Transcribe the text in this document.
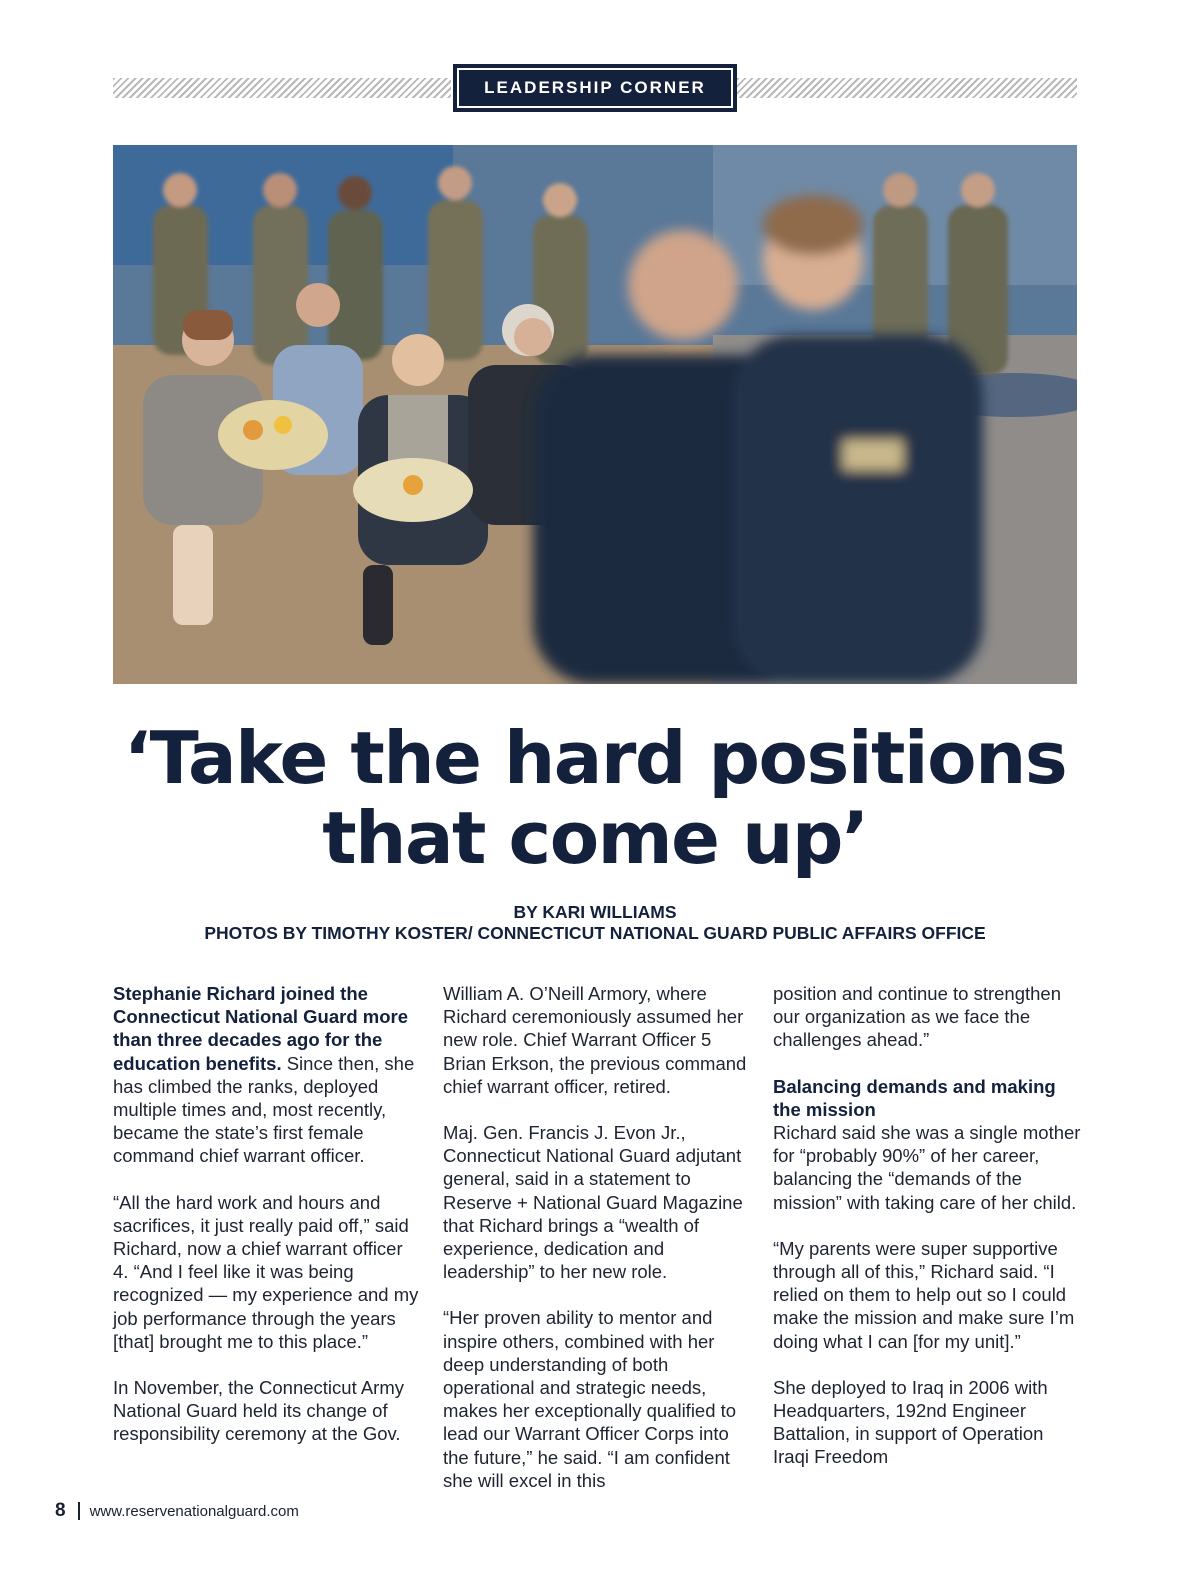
LEADERSHIP CORNER
‘Take the hard positions
that come up’
BY KARI WILLIAMS
PHOTOS BY TIMOTHY KOSTER/ CONNECTICUT NATIONAL GUARD PUBLIC AFFAIRS OFFICE

Stephanie Richard joined the Connecticut National Guard more than three decades ago for the education benefits. Since then, she has climbed the ranks, deployed multiple times and, most recently, became the state’s first female command chief warrant officer.

“All the hard work and hours and sacrifices, it just really paid off,” said Richard, now a chief warrant officer 4. “And I feel like it was being recognized — my experience and my job performance through the years [that] brought me to this place.”

In November, the Connecticut Army National Guard held its change of responsibility ceremony at the Gov.

William A. O’Neill Armory, where Richard ceremoniously assumed her new role. Chief Warrant Officer 5 Brian Erkson, the previous command chief warrant officer, retired.

Maj. Gen. Francis J. Evon Jr., Connecticut National Guard adjutant general, said in a statement to Reserve + National Guard Magazine that Richard brings a “wealth of experience, dedication and leadership” to her new role.

“Her proven ability to mentor and inspire others, combined with her deep understanding of both operational and strategic needs, makes her exceptionally qualified to lead our Warrant Officer Corps into the future,” he said. “I am confident she will excel in this

position and continue to strengthen our organization as we face the challenges ahead.”

Balancing demands and making the mission
Richard said she was a single mother for “probably 90%” of her career, balancing the “demands of the mission” with taking care of her child.

“My parents were super supportive through all of this,” Richard said. “I relied on them to help out so I could make the mission and make sure I’m doing what I can [for my unit].”

She deployed to Iraq in 2006 with Headquarters, 192nd Engineer Battalion, in support of Operation Iraqi Freedom

8 www.reservenationalguard.com
